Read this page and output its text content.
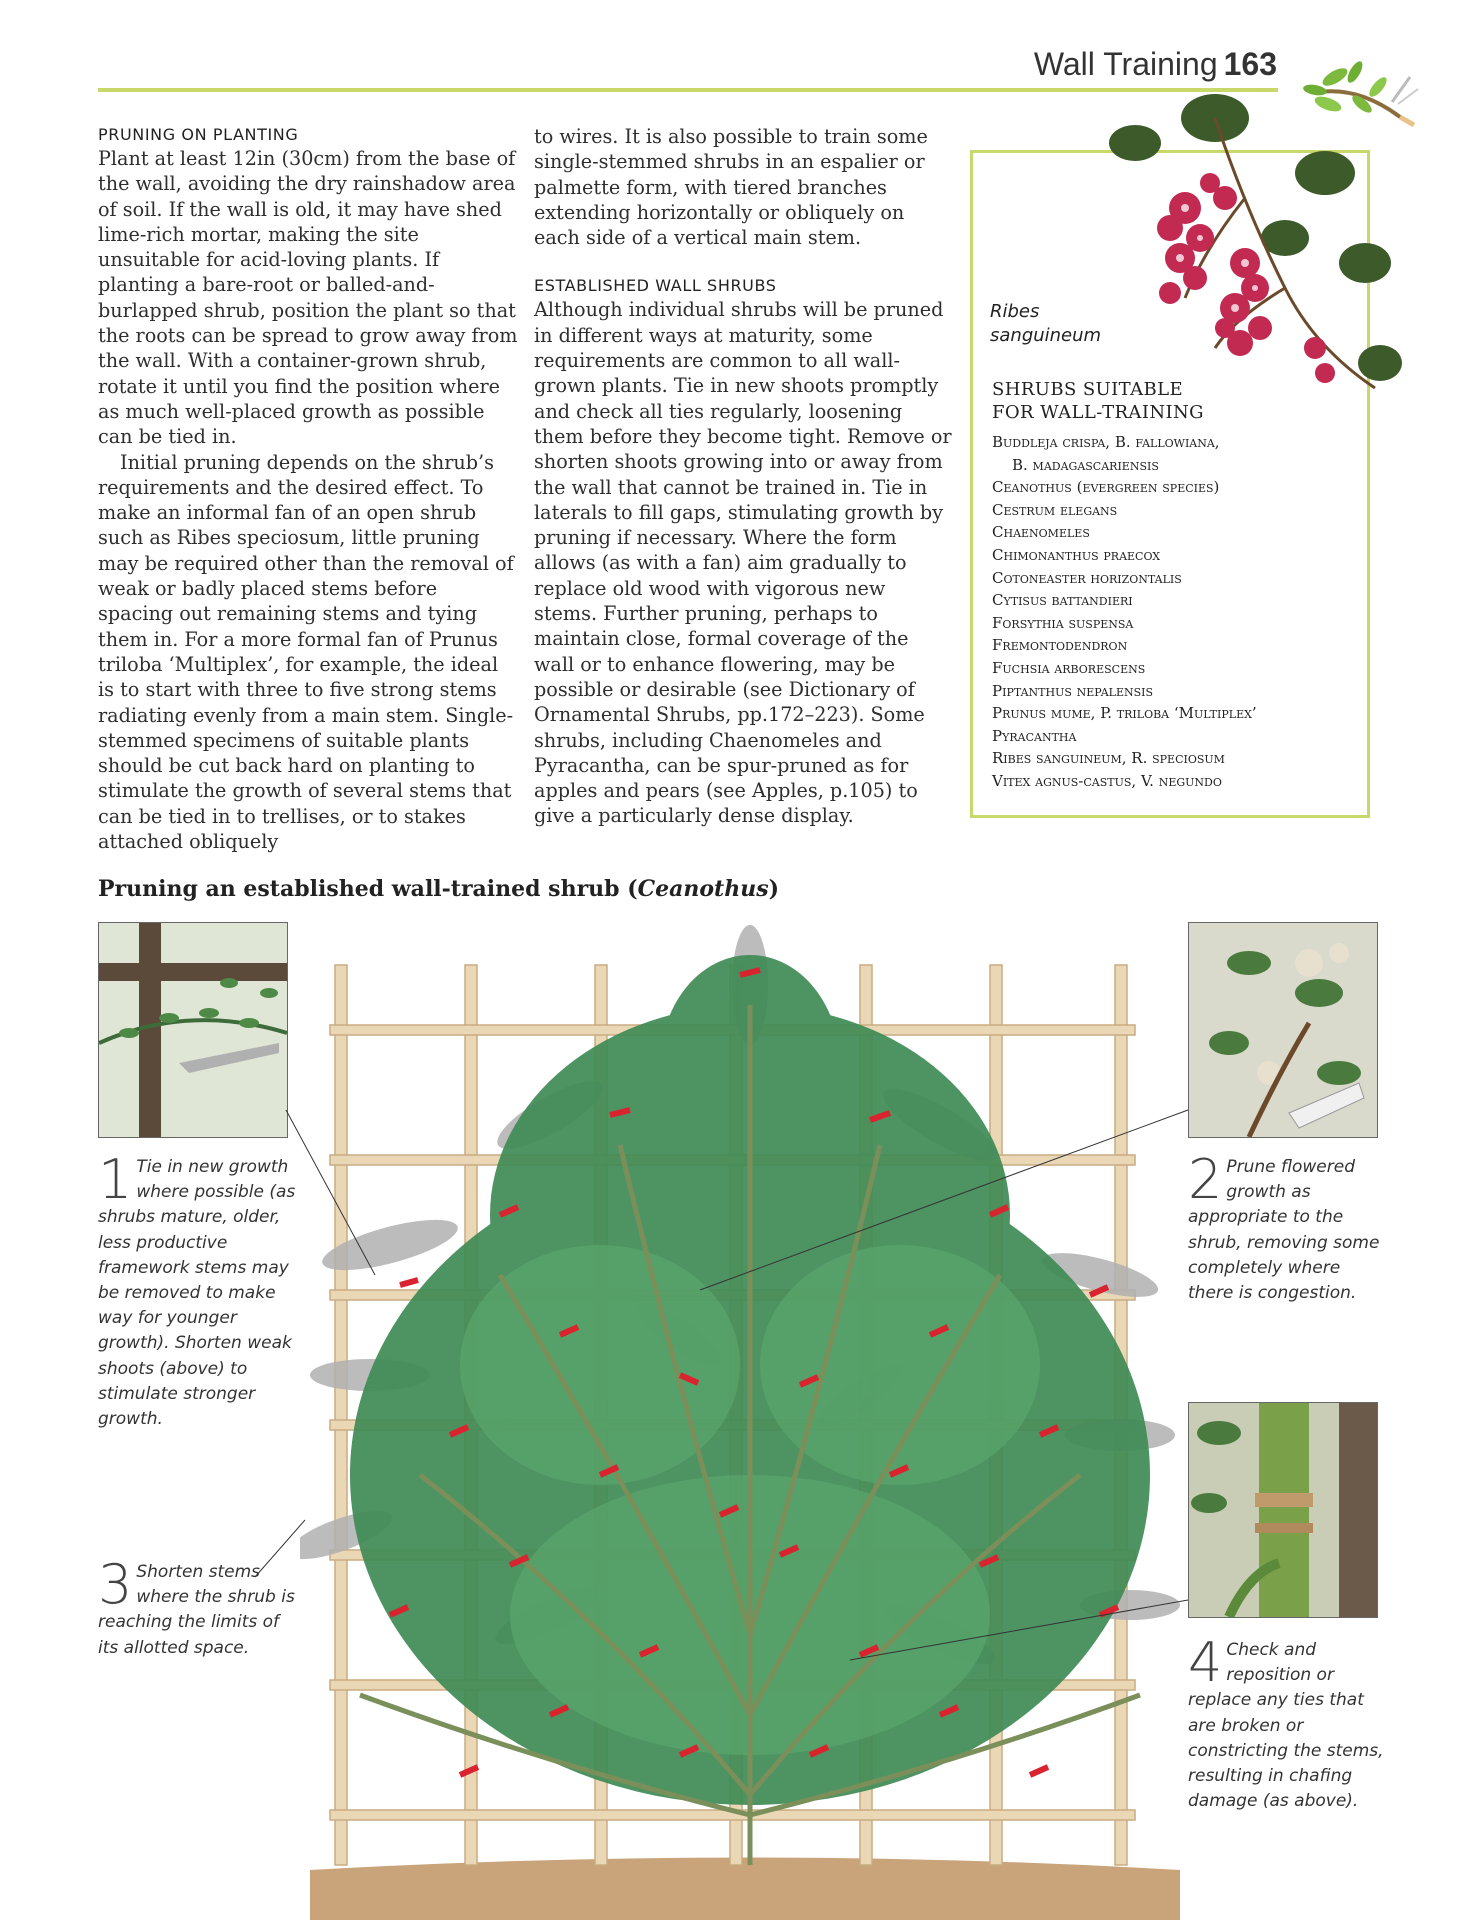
Wall Training 163
PRUNING ON PLANTING

Plant at least 12in (30cm) from the base of the wall, avoiding the dry rainshadow area of soil. If the wall is old, it may have shed lime-rich mortar, making the site unsuitable for acid-loving plants. If planting a bare-root or balled-and-burlapped shrub, position the plant so that the roots can be spread to grow away from the wall. With a container-grown shrub, rotate it until you find the position where as much well-placed growth as possible can be tied in.

Initial pruning depends on the shrub’s requirements and the desired effect. To make an informal fan of an open shrub such as Ribes speciosum, little pruning may be required other than the removal of weak or badly placed stems before spacing out remaining stems and tying them in. For a more formal fan of Prunus triloba ‘Multiplex’, for example, the ideal is to start with three to five strong stems radiating evenly from a main stem. Single-stemmed specimens of suitable plants should be cut back hard on planting to stimulate the growth of several stems that can be tied in to trellises, or to stakes attached obliquely

to wires. It is also possible to train some single-stemmed shrubs in an espalier or palmette form, with tiered branches extending horizontally or obliquely on each side of a vertical main stem.

ESTABLISHED WALL SHRUBS

Although individual shrubs will be pruned in different ways at maturity, some requirements are common to all wall-grown plants. Tie in new shoots promptly and check all ties regularly, loosening them before they become tight. Remove or shorten shoots growing into or away from the wall that cannot be trained in. Tie in laterals to fill gaps, stimulating growth by pruning if necessary. Where the form allows (as with a fan) aim gradually to replace old wood with vigorous new stems. Further pruning, perhaps to maintain close, formal coverage of the wall or to enhance flowering, may be possible or desirable (see Dictionary of Ornamental Shrubs, pp.172–223). Some shrubs, including Chaenomeles and Pyracantha, can be spur-pruned as for apples and pears (see Apples, p.105) to give a particularly dense display.

Ribes sanguineum
SHRUBS SUITABLE
FOR WALL-TRAINING
Buddleja crispa, B. fallowiana,
B. madagascariensis
Ceanothus (evergreen species)
Cestrum elegans
Chaenomeles
Chimonanthus praecox
Cotoneaster horizontalis
Cytisus battandieri
Forsythia suspensa
Fremontodendron
Fuchsia arborescens
Piptanthus nepalensis
Prunus mume, P. triloba ‘Multiplex’
Pyracantha
Ribes sanguineum, R. speciosum
Vitex agnus-castus, V. negundo
Pruning an established wall-trained shrub (Ceanothus)
1 Tie in new growth where possible (as shrubs mature, older, less productive framework stems may be removed to make way for younger growth). Shorten weak shoots (above) to stimulate stronger growth.
2 Prune flowered growth as appropriate to the shrub, removing some completely where there is congestion.
3 Shorten stems where the shrub is reaching the limits of its allotted space.	4 Check and reposition or replace any ties that are broken or constricting the stems, resulting in chafing damage (as above).
